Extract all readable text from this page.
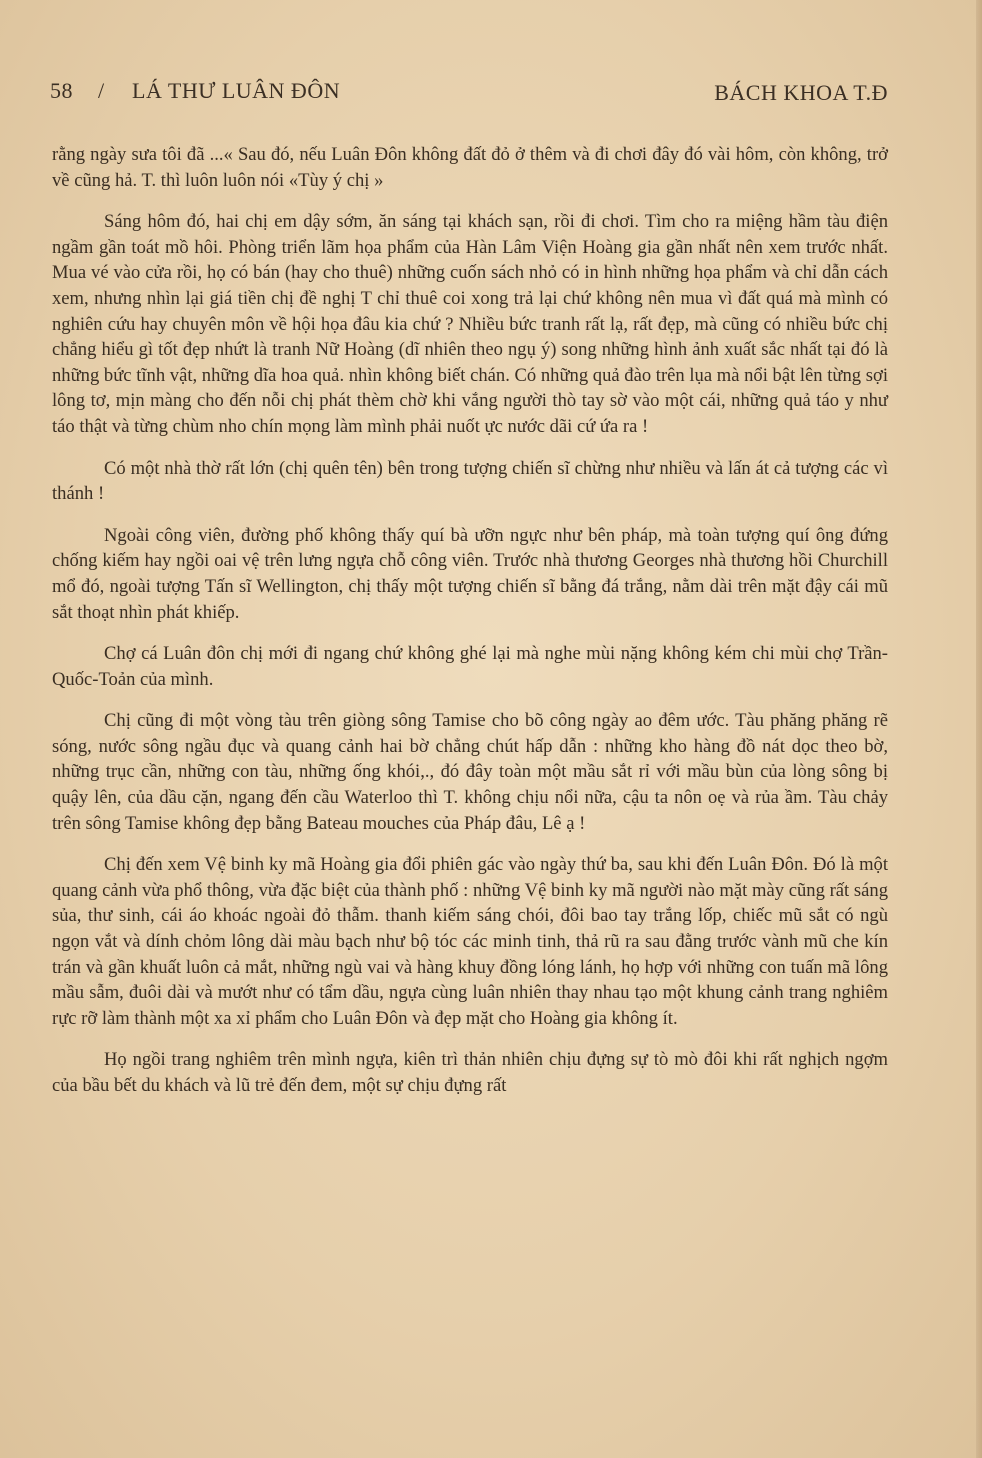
58 / LÁ THƯ LUÂN ĐÔN	BÁCH KHOA T.Đ

rằng ngày sưa tôi đã ...« Sau đó, nếu Luân Đôn không đất đỏ ở thêm và đi chơi đây đó vài hôm, còn không, trở về cũng hả. T. thì luôn luôn nói «Tùy ý chị »

Sáng hôm đó, hai chị em dậy sớm, ăn sáng tại khách sạn, rồi đi chơi. Tìm cho ra miệng hầm tàu điện ngầm gần toát mồ hôi. Phòng triển lãm họa phẩm của Hàn Lâm Viện Hoàng gia gần nhất nên xem trước nhất. Mua vé vào cửa rồi, họ có bán (hay cho thuê) những cuốn sách nhỏ có in hình những họa phẩm và chỉ dẫn cách xem, nhưng nhìn lại giá tiền chị đề nghị T chỉ thuê coi xong trả lại chứ không nên mua vì đất quá mà mình có nghiên cứu hay chuyên môn về hội họa đâu kia chứ ? Nhiều bức tranh rất lạ, rất đẹp, mà cũng có nhiều bức chị chẳng hiểu gì tốt đẹp nhứt là tranh Nữ Hoàng (dĩ nhiên theo ngụ ý) song những hình ảnh xuất sắc nhất tại đó là những bức tĩnh vật, những dĩa hoa quả. nhìn không biết chán. Có những quả đào trên lụa mà nổi bật lên từng sợi lông tơ, mịn màng cho đến nỗi chị phát thèm chờ khi vắng người thò tay sờ vào một cái, những quả táo y như táo thật và từng chùm nho chín mọng làm mình phải nuốt ực nước dãi cứ ứa ra !

Có một nhà thờ rất lớn (chị quên tên) bên trong tượng chiến sĩ chừng như nhiều và lấn át cả tượng các vì thánh !

Ngoài công viên, đường phố không thấy quí bà ưỡn ngực như bên pháp, mà toàn tượng quí ông đứng chống kiếm hay ngồi oai vệ trên lưng ngựa chỗ công viên. Trước nhà thương Georges nhà thương hồi Churchill mổ đó, ngoài tượng Tấn sĩ Wellington, chị thấy một tượng chiến sĩ bằng đá trắng, nằm dài trên mặt đậy cái mũ sắt thoạt nhìn phát khiếp.

Chợ cá Luân đôn chị mới đi ngang chứ không ghé lại mà nghe mùi nặng không kém chi mùi chợ Trần-Quốc-Toản của mình.

Chị cũng đi một vòng tàu trên giòng sông Tamise cho bõ công ngày ao đêm ước. Tàu phăng phăng rẽ sóng, nước sông ngầu đục và quang cảnh hai bờ chẳng chút hấp dẫn : những kho hàng đồ nát dọc theo bờ, những trục cần, những con tàu, những ống khói,., đó đây toàn một mầu sắt rỉ với mầu bùn của lòng sông bị quậy lên, của dầu cặn, ngang đến cầu Waterloo thì T. không chịu nổi nữa, cậu ta nôn oẹ và rủa ầm. Tàu chảy trên sông Tamise không đẹp bằng Bateau mouches của Pháp đâu, Lê ạ !

Chị đến xem Vệ binh ky mã Hoàng gia đổi phiên gác vào ngày thứ ba, sau khi đến Luân Đôn. Đó là một quang cảnh vừa phổ thông, vừa đặc biệt của thành phố : những Vệ binh ky mã người nào mặt mày cũng rất sáng sủa, thư sinh, cái áo khoác ngoài đỏ thẫm. thanh kiếm sáng chói, đôi bao tay trắng lốp, chiếc mũ sắt có ngù ngọn vắt và dính chỏm lông dài màu bạch như bộ tóc các minh tinh, thả rũ ra sau đằng trước vành mũ che kín trán và gần khuất luôn cả mắt, những ngù vai và hàng khuy đồng lóng lánh, họ hợp với những con tuấn mã lông mầu sẫm, đuôi dài và mướt như có tẩm dầu, ngựa cùng luân nhiên thay nhau tạo một khung cảnh trang nghiêm rực rỡ làm thành một xa xỉ phẩm cho Luân Đôn và đẹp mặt cho Hoàng gia không ít.

Họ ngồi trang nghiêm trên mình ngựa, kiên trì thản nhiên chịu đựng sự tò mò đôi khi rất nghịch ngợm của bầu bết du khách và lũ trẻ đến đem, một sự chịu đựng rất
